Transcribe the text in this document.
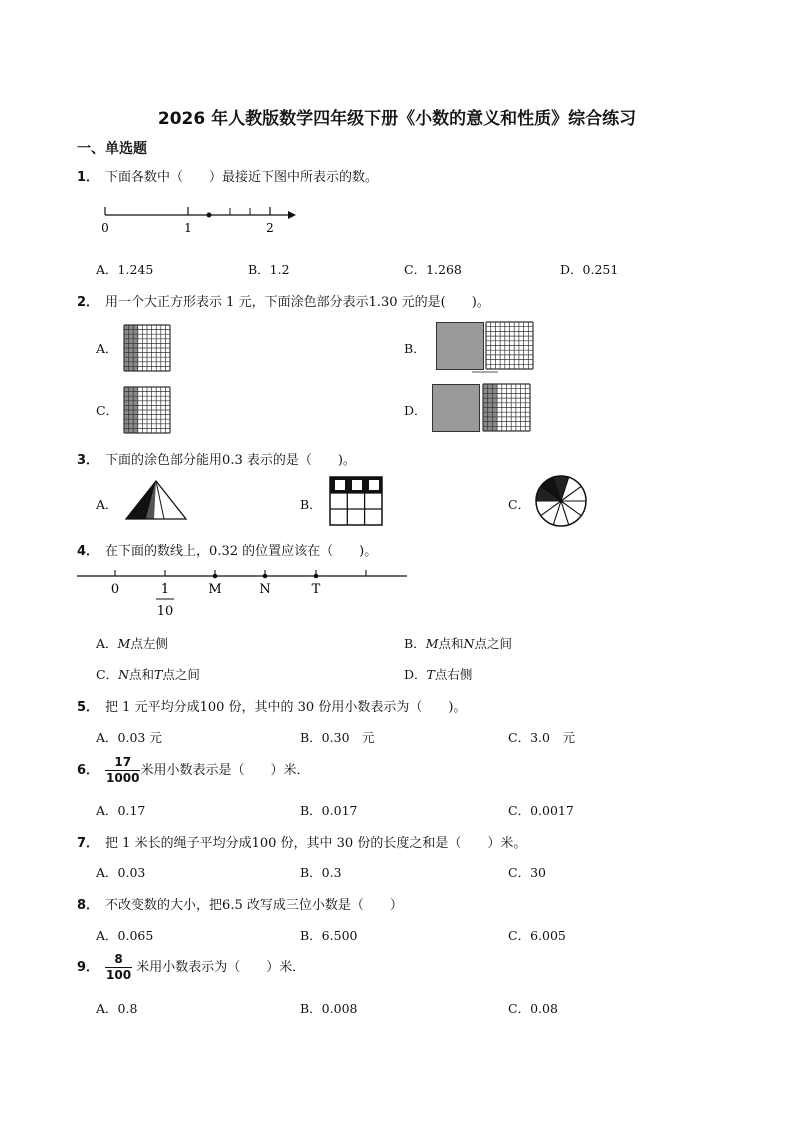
2026 年人教版数学四年级下册《小数的意义和性质》综合练习
一、单选题
1． 下面各数中（　　）最接近下图中所表示的数。
0	1	2
A．1.245	B．1.2	C．1.268	D．0.251
2． 用一个大正方形表示 1 元，下面涂色部分表示1.30 元的是(　　)。
A．	B．
C．	D．
3． 下面的涂色部分能用0.3 表示的是（　　)。
A．	B．	C．
4． 在下面的数线上，0.32 的位置应该在（　　)。
0	1
10
M	N	T
A．M点左侧	B．M点和N点之间
C．N点和T点之间	D．T点右侧
5． 把 1 元平均分成100 份，其中的 30 份用小数表示为（　　)。
A．0.03 元	B．0.30　元	C．3.0　元
6． $\frac{17}{1000}$ 米用小数表示是（　　）米．
A．0.17	B．0.017	C．0.0017
7． 把 1 米长的绳子平均分成100 份，其中 30 份的长度之和是（　　）米。
A．0.03	B．0.3	C．30
8． 不改变数的大小，把6.5 改写成三位小数是（　　）
A．0.065	B．6.500	C．6.005
9． $\frac{8}{100}$ 米用小数表示为（　　）米．
A．0.8	B．0.008	C．0.08
